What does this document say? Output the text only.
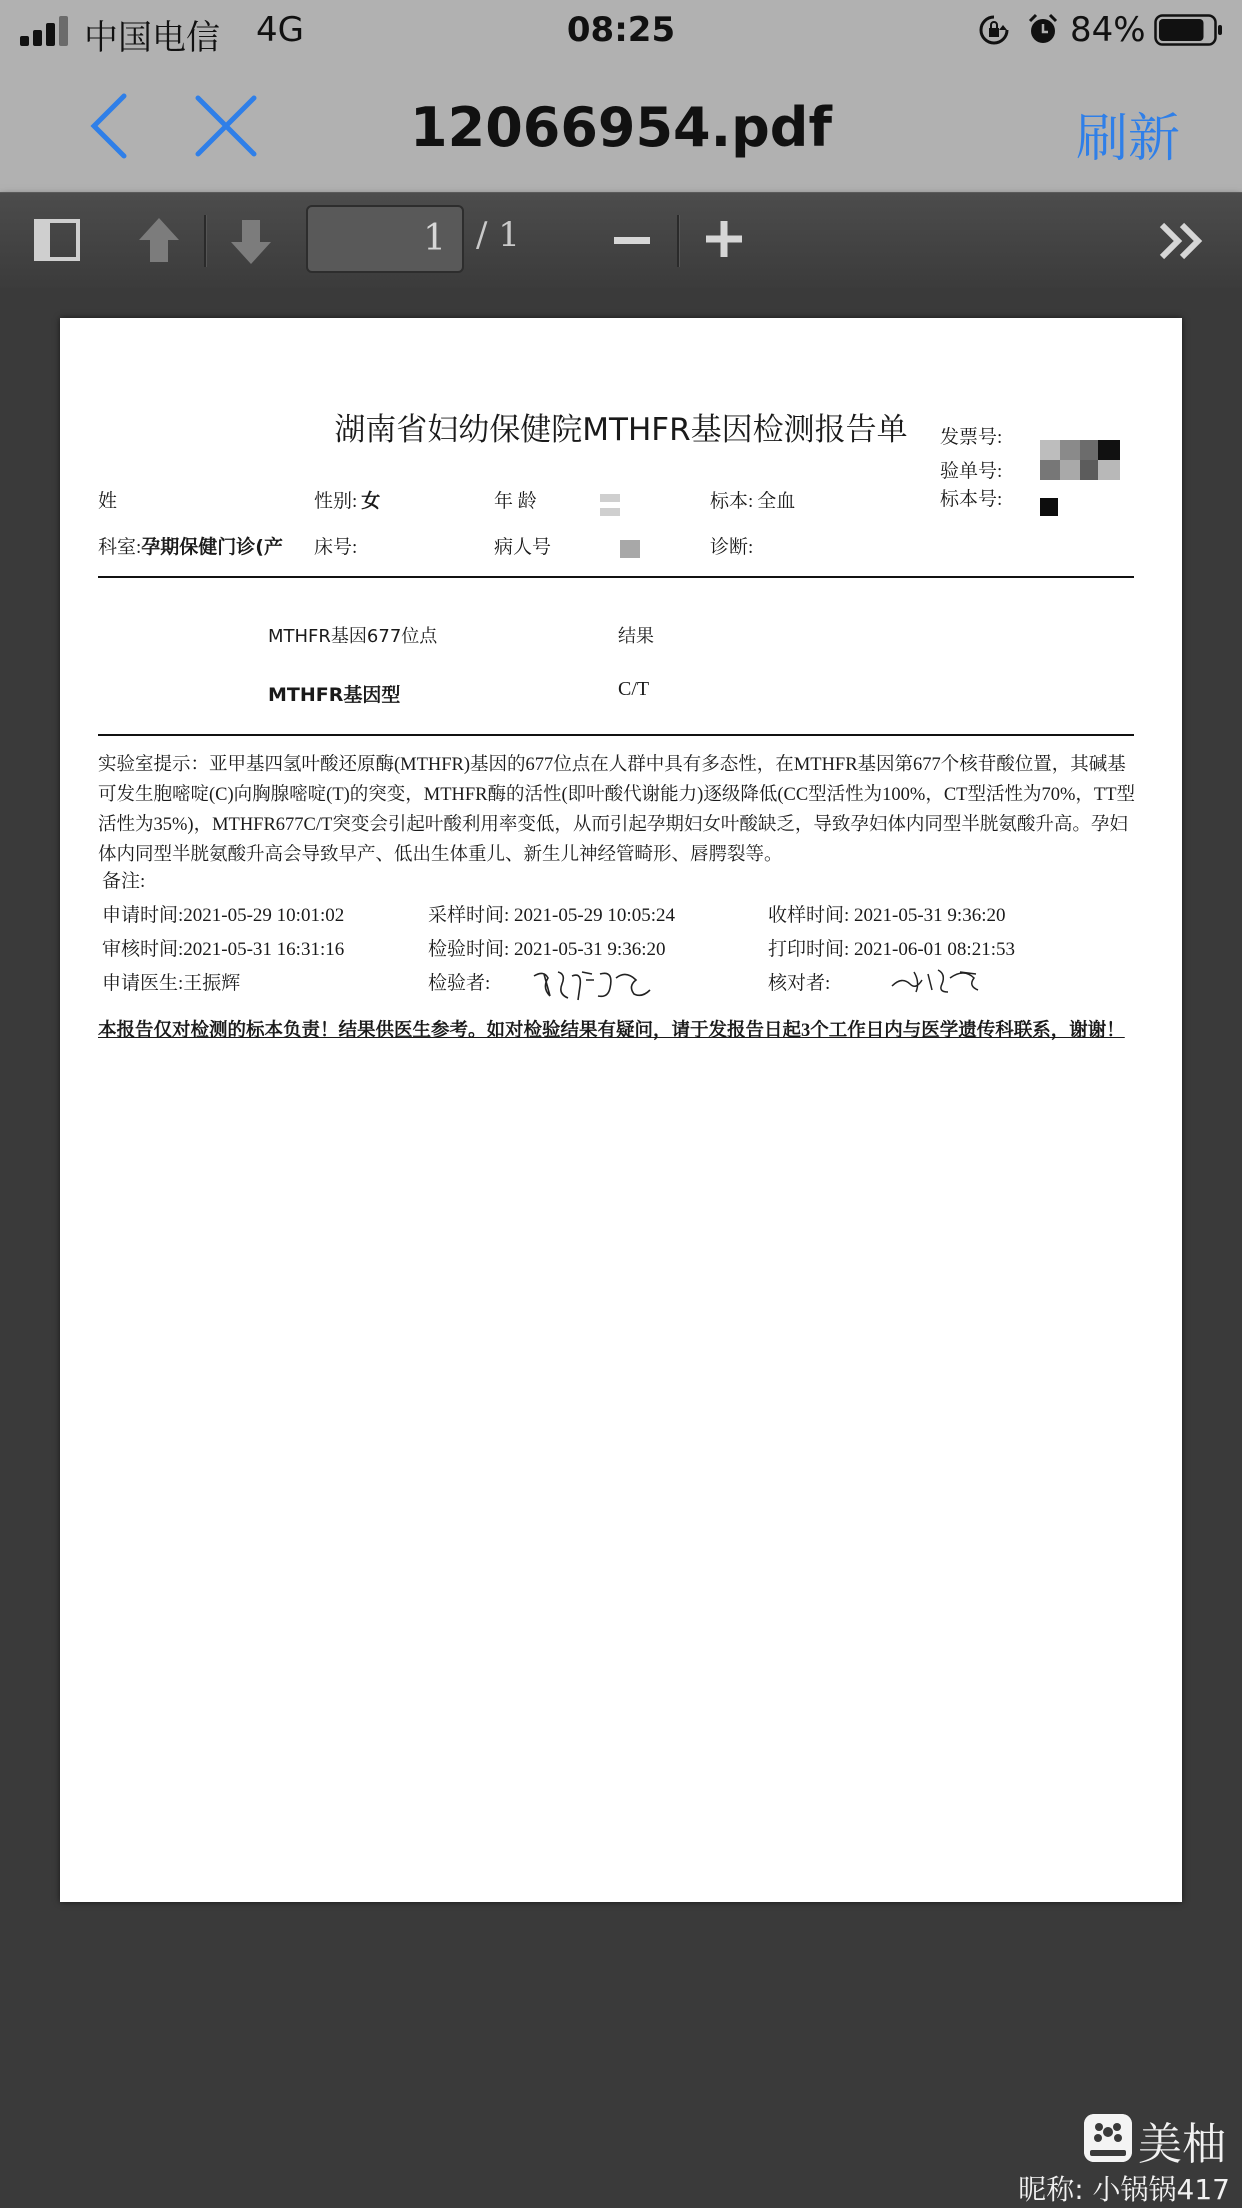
中国电信 4G	08:25	84%
12066954.pdf	刷新
1 / 1
湖南省妇幼保健院MTHFR基因检测报告单	发票号:
验单号:
标本号:
姓	性别: 女	年 龄	标本: 全血
科室:孕期保健门诊(产 床号:	病人号	诊断:
MTHFR基因677位点	结果
MTHFR基因型	C/T
实验室提示：亚甲基四氢叶酸还原酶(MTHFR)基因的677位点在人群中具有多态性，在MTHFR基因第677个核苷酸位置，其碱基可发生胞嘧啶(C)向胸腺嘧啶(T)的突变，MTHFR酶的活性(即叶酸代谢能力)逐级降低(CC型活性为100%，CT型活性为70%，TT型活性为35%)，MTHFR677C/T突变会引起叶酸利用率变低，从而引起孕期妇女叶酸缺乏，导致孕妇体内同型半胱氨酸升高。孕妇体内同型半胱氨酸升高会导致早产、低出生体重儿、新生儿神经管畸形、唇腭裂等。
备注:
申请时间:2021-05-29 10:01:02	采样时间: 2021-05-29 10:05:24	收样时间: 2021-05-31 9:36:20
审核时间:2021-05-31 16:31:16	检验时间: 2021-05-31 9:36:20	打印时间: 2021-06-01 08:21:53
申请医生:王振辉	检验者:	核对者:
本报告仅对检测的标本负责！结果供医生参考。如对检验结果有疑问，请于发报告日起3个工作日内与医学遗传科联系，谢谢！
美柚
昵称: 小锅锅417
